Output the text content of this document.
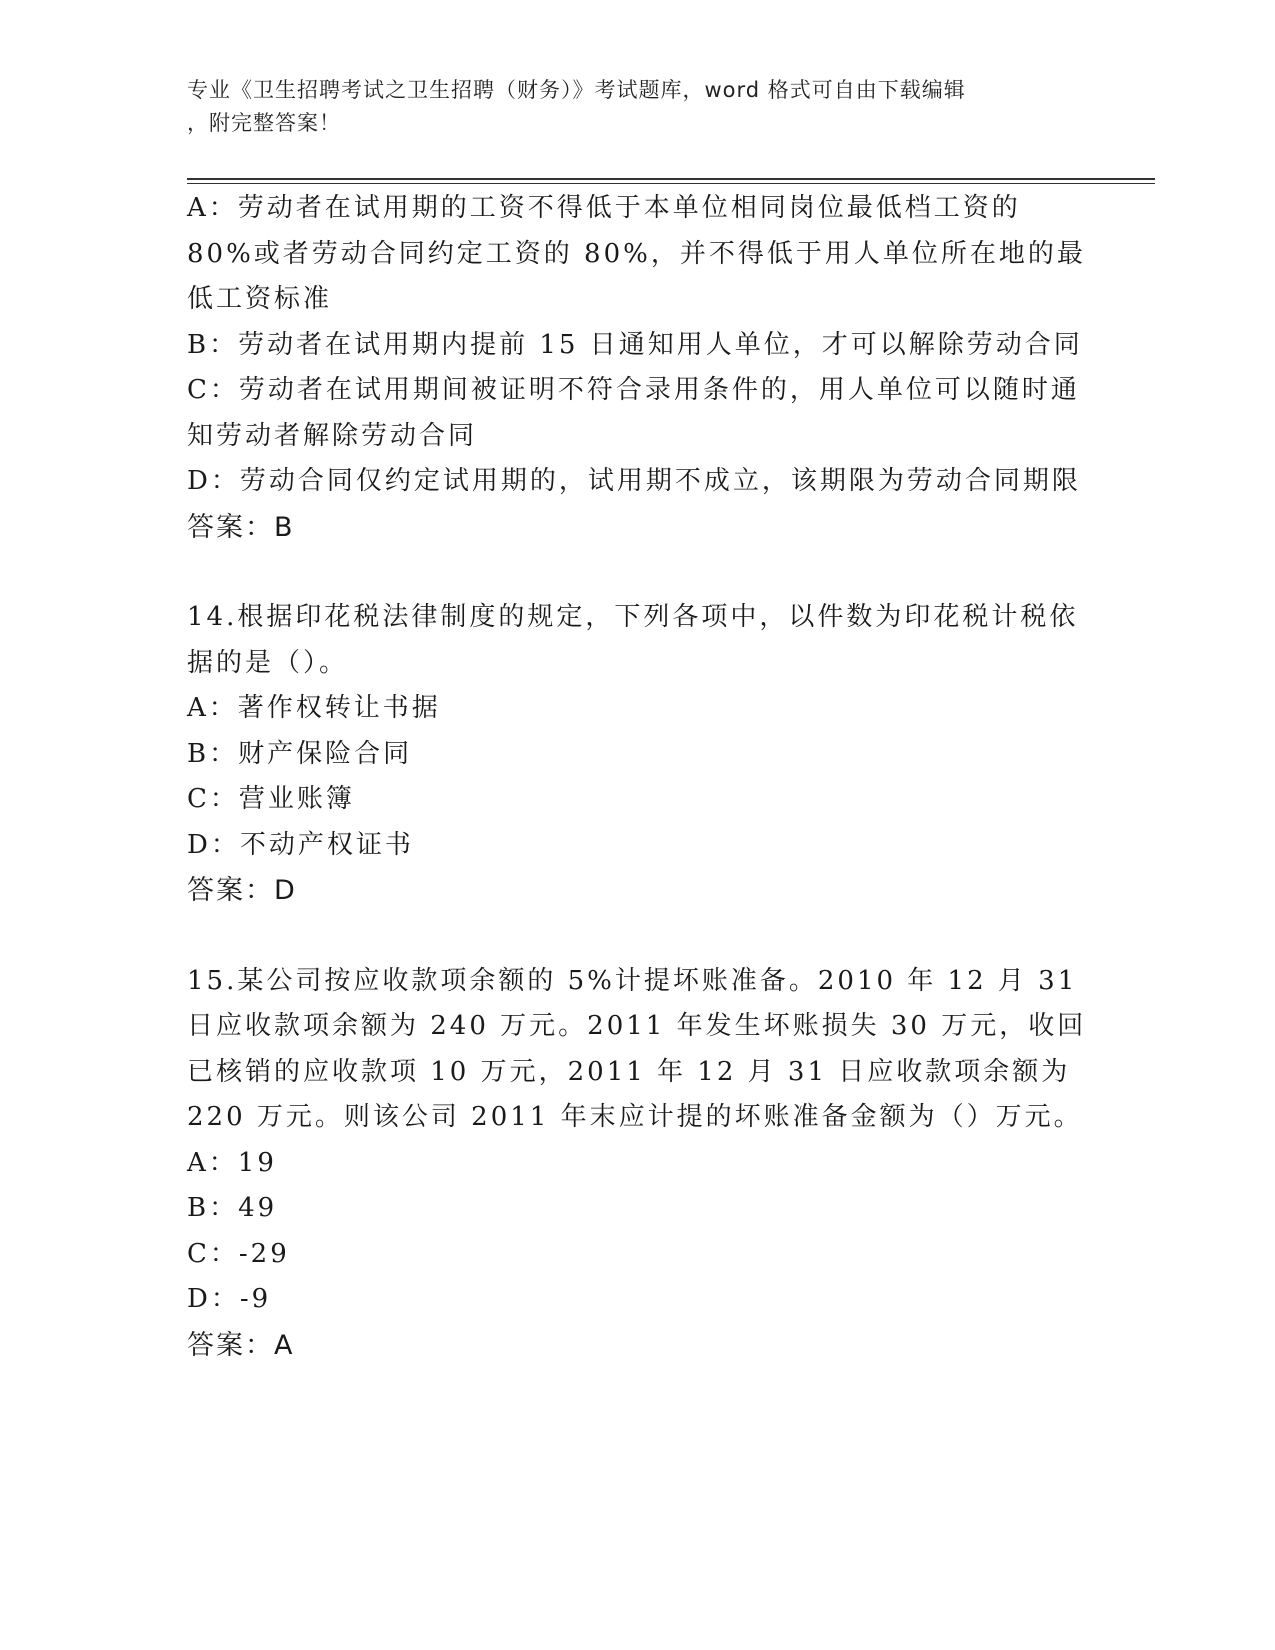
专业《卫生招聘考试之卫生招聘（财务）》考试题库，word 格式可自由下载编辑
，附完整答案！

A：劳动者在试用期的工资不得低于本单位相同岗位最低档工资的 80%或者劳动合同约定工资的 80%，并不得低于用人单位所在地的最低工资标准

B：劳动者在试用期内提前 15 日通知用人单位，才可以解除劳动合同

C：劳动者在试用期间被证明不符合录用条件的，用人单位可以随时通知劳动者解除劳动合同

D：劳动合同仅约定试用期的，试用期不成立，该期限为劳动合同期限

答案：B

14.根据印花税法律制度的规定，下列各项中，以件数为印花税计税依据的是（）。

A：著作权转让书据

B：财产保险合同

C：营业账簿

D：不动产权证书

答案：D

15.某公司按应收款项余额的 5%计提坏账准备。2010 年 12 月 31 日应收款项余额为 240 万元。2011 年发生坏账损失 30 万元，收回已核销的应收款项 10 万元，2011 年 12 月 31 日应收款项余额为 220 万元。则该公司 2011 年末应计提的坏账准备金额为（）万元。

A：19

B：49

C：-29

D：-9

答案：A
